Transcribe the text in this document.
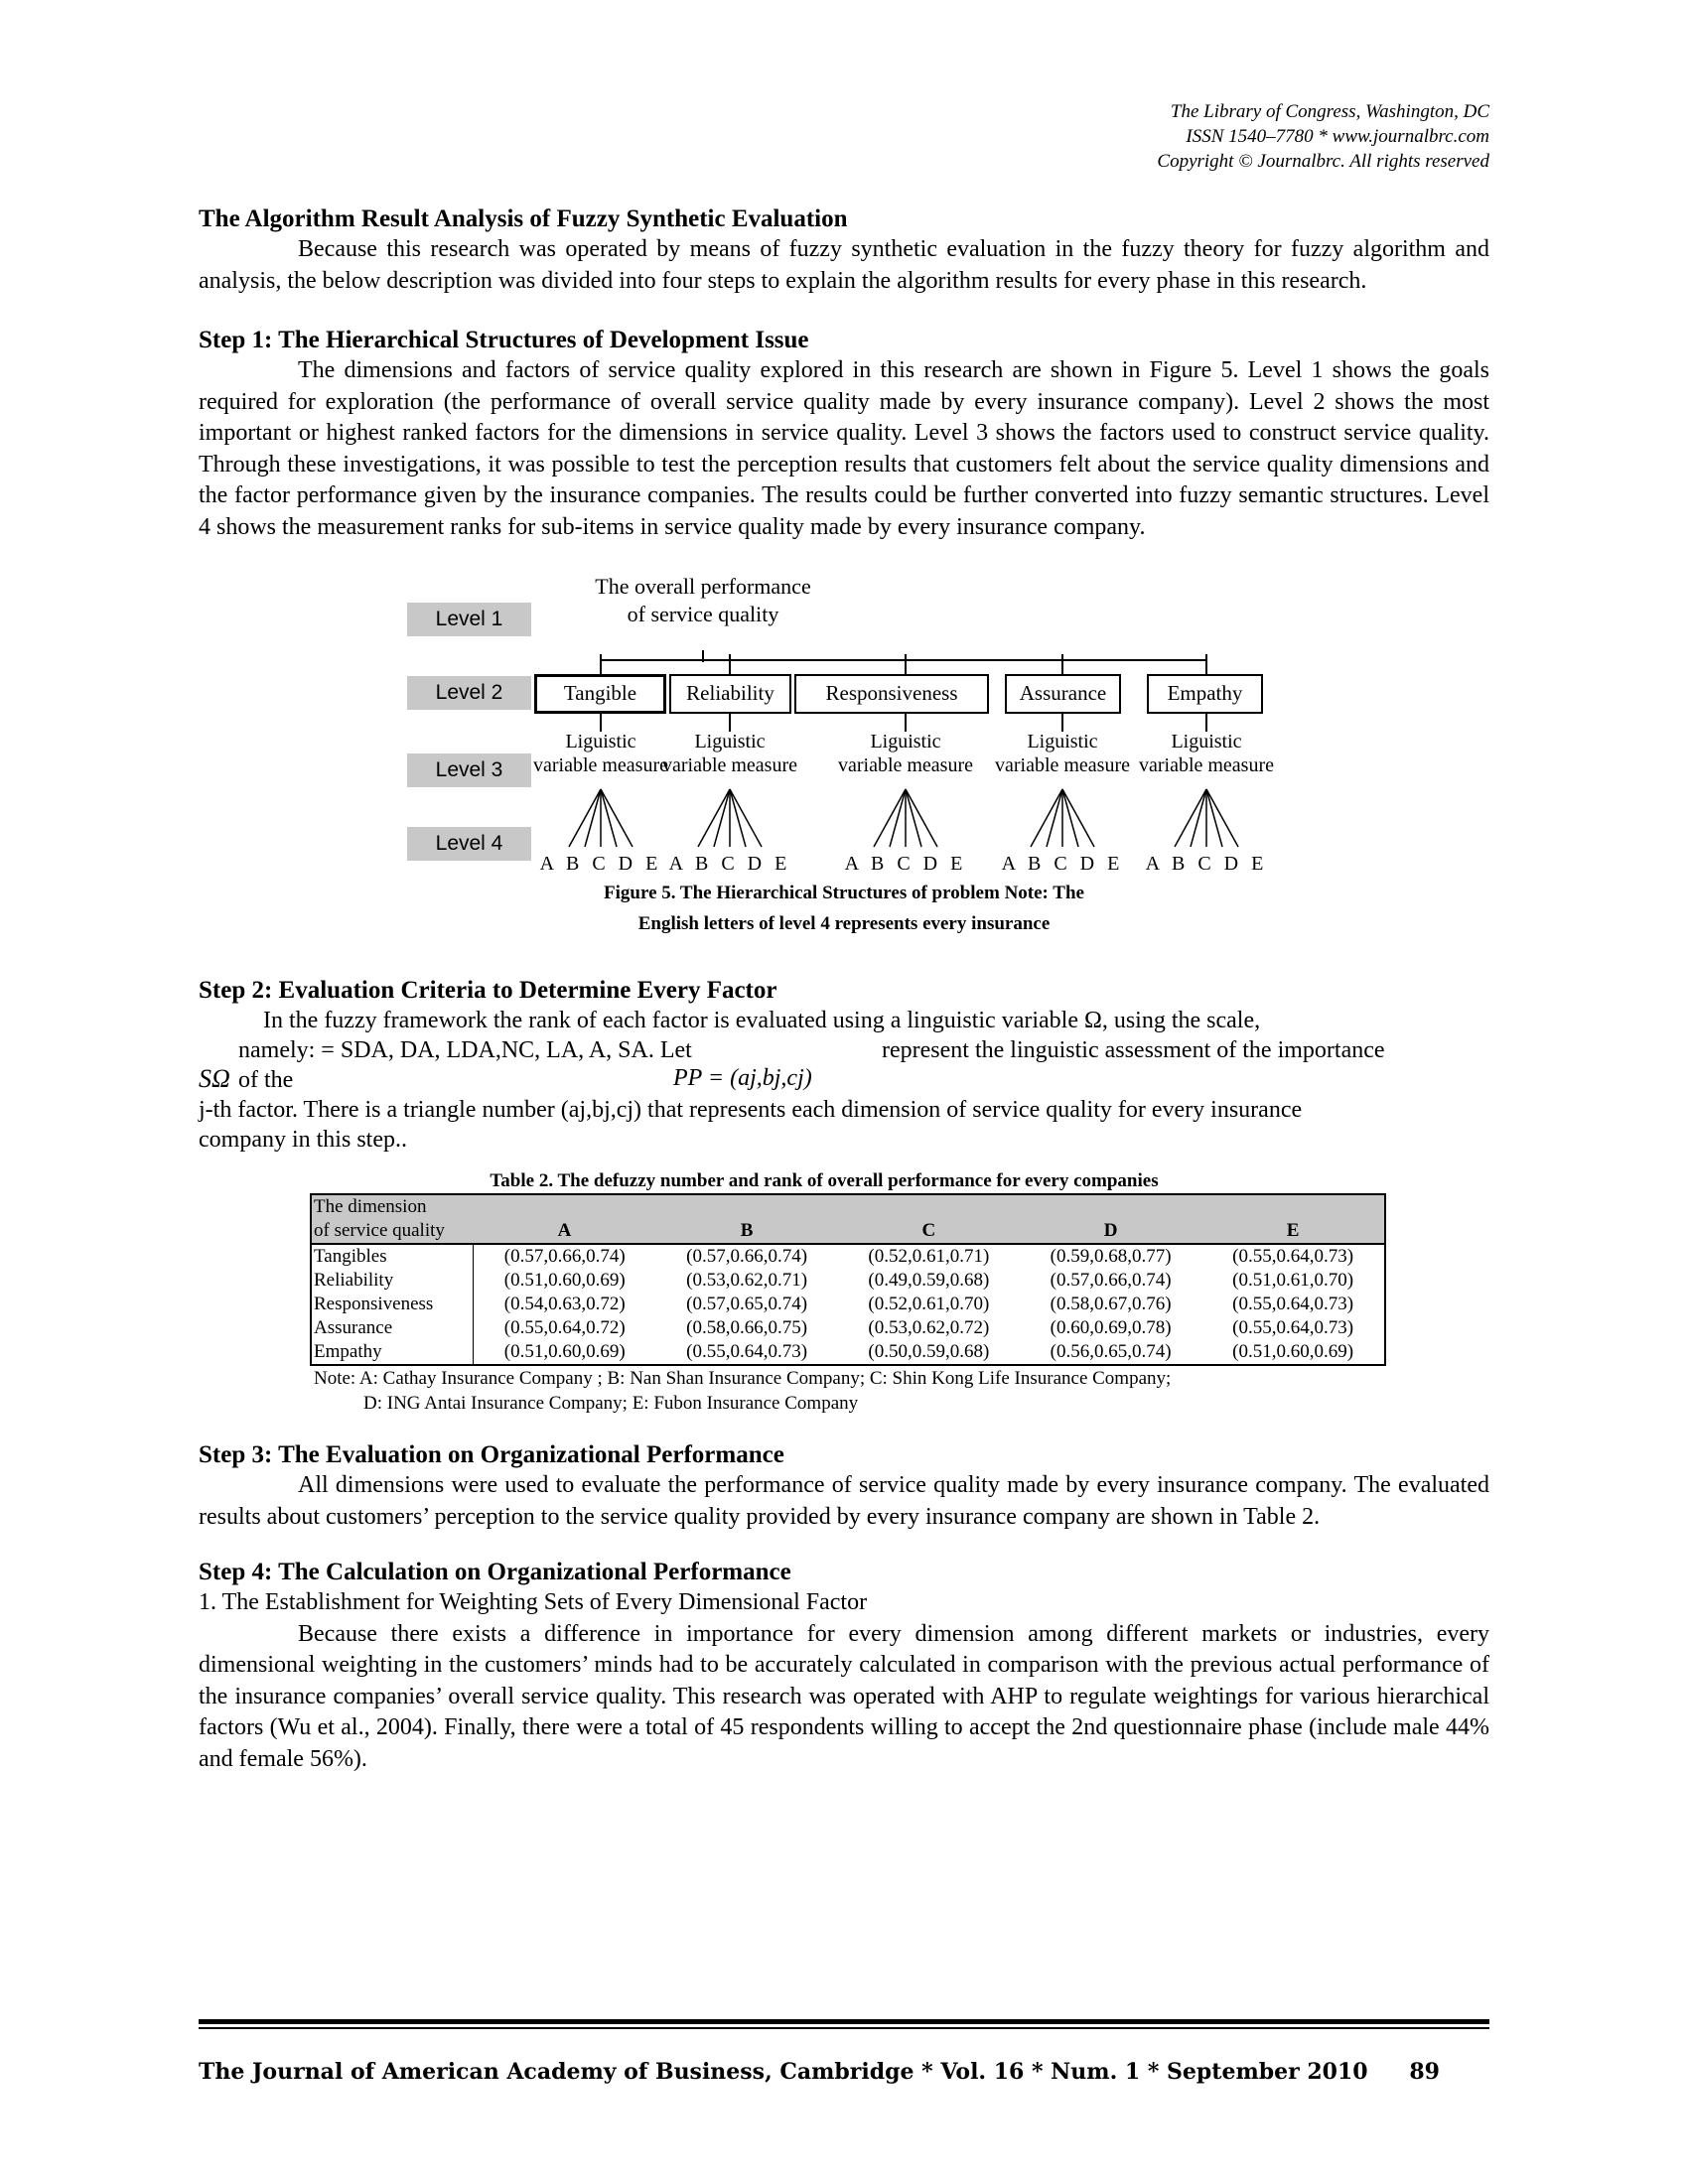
The Library of Congress, Washington, DC
ISSN 1540–7780 * www.journalbrc.com
Copyright © Journalbrc. All rights reserved
The Algorithm Result Analysis of Fuzzy Synthetic Evaluation

Because this research was operated by means of fuzzy synthetic evaluation in the fuzzy theory for fuzzy algorithm and analysis, the below description was divided into four steps to explain the algorithm results for every phase in this research.

Step 1: The Hierarchical Structures of Development Issue

The dimensions and factors of service quality explored in this research are shown in Figure 5. Level 1 shows the goals required for exploration (the performance of overall service quality made by every insurance company). Level 2 shows the most important or highest ranked factors for the dimensions in service quality. Level 3 shows the factors used to construct service quality. Through these investigations, it was possible to test the perception results that customers felt about the service quality dimensions and the factor performance given by the insurance companies. The results could be further converted into fuzzy semantic structures. Level 4 shows the measurement ranks for sub-items in service quality made by every insurance company.

Level 1
Level 2
Level 3
Level 4
The overall performance of service quality
Tangible	Reliability	Responsiveness	Assurance	Empathy
Liguistic variable measure
Liguistic variable measure
Liguistic variable measure
Liguistic variable measure
Liguistic variable measure
A B C D E A B C D E	A B C D E	A B C D E	A B C D E
Figure 5. The Hierarchical Structures of problem Note: The
English letters of level 4 represents every insurance
Step 2: Evaluation Criteria to Determine Every Factor
In the fuzzy framework the rank of each factor is evaluated using a linguistic variable Ω, using the scale,
namely: = SDA, DA, LDA,NC, LA, A, SA. Let	represent the linguistic assessment of the importance
SΩ of the	PP = (aj,bj,cj)
j-th factor. There is a triangle number (aj,bj,cj) that represents each dimension of service quality for every insurance
company in this step..
Table 2. The defuzzy number and rank of overall performance for every companies
The dimension
of service quality	A	B	C	D	E
Tangibles	(0.57,0.66,0.74)	(0.57,0.66,0.74)	(0.52,0.61,0.71)	(0.59,0.68,0.77)	(0.55,0.64,0.73)
Reliability	(0.51,0.60,0.69)	(0.53,0.62,0.71)	(0.49,0.59,0.68)	(0.57,0.66,0.74)	(0.51,0.61,0.70)
Responsiveness	(0.54,0.63,0.72)	(0.57,0.65,0.74)	(0.52,0.61,0.70)	(0.58,0.67,0.76)	(0.55,0.64,0.73)
Assurance	(0.55,0.64,0.72)	(0.58,0.66,0.75)	(0.53,0.62,0.72)	(0.60,0.69,0.78)	(0.55,0.64,0.73)
Empathy	(0.51,0.60,0.69)	(0.55,0.64,0.73)	(0.50,0.59,0.68)	(0.56,0.65,0.74)	(0.51,0.60,0.69)
Note: A: Cathay Insurance Company ; B: Nan Shan Insurance Company; C: Shin Kong Life Insurance Company;
D: ING Antai Insurance Company; E: Fubon Insurance Company
Step 3: The Evaluation on Organizational Performance

All dimensions were used to evaluate the performance of service quality made by every insurance company. The evaluated results about customers’ perception to the service quality provided by every insurance company are shown in Table 2.

Step 4: The Calculation on Organizational Performance

1. The Establishment for Weighting Sets of Every Dimensional Factor

Because there exists a difference in importance for every dimension among different markets or industries, every dimensional weighting in the customers’ minds had to be accurately calculated in comparison with the previous actual performance of the insurance companies’ overall service quality. This research was operated with AHP to regulate weightings for various hierarchical factors (Wu et al., 2004). Finally, there were a total of 45 respondents willing to accept the 2nd questionnaire phase (include male 44% and female 56%).

The Journal of American Academy of Business, Cambridge * Vol. 16 * Num. 1 * September 2010 89
